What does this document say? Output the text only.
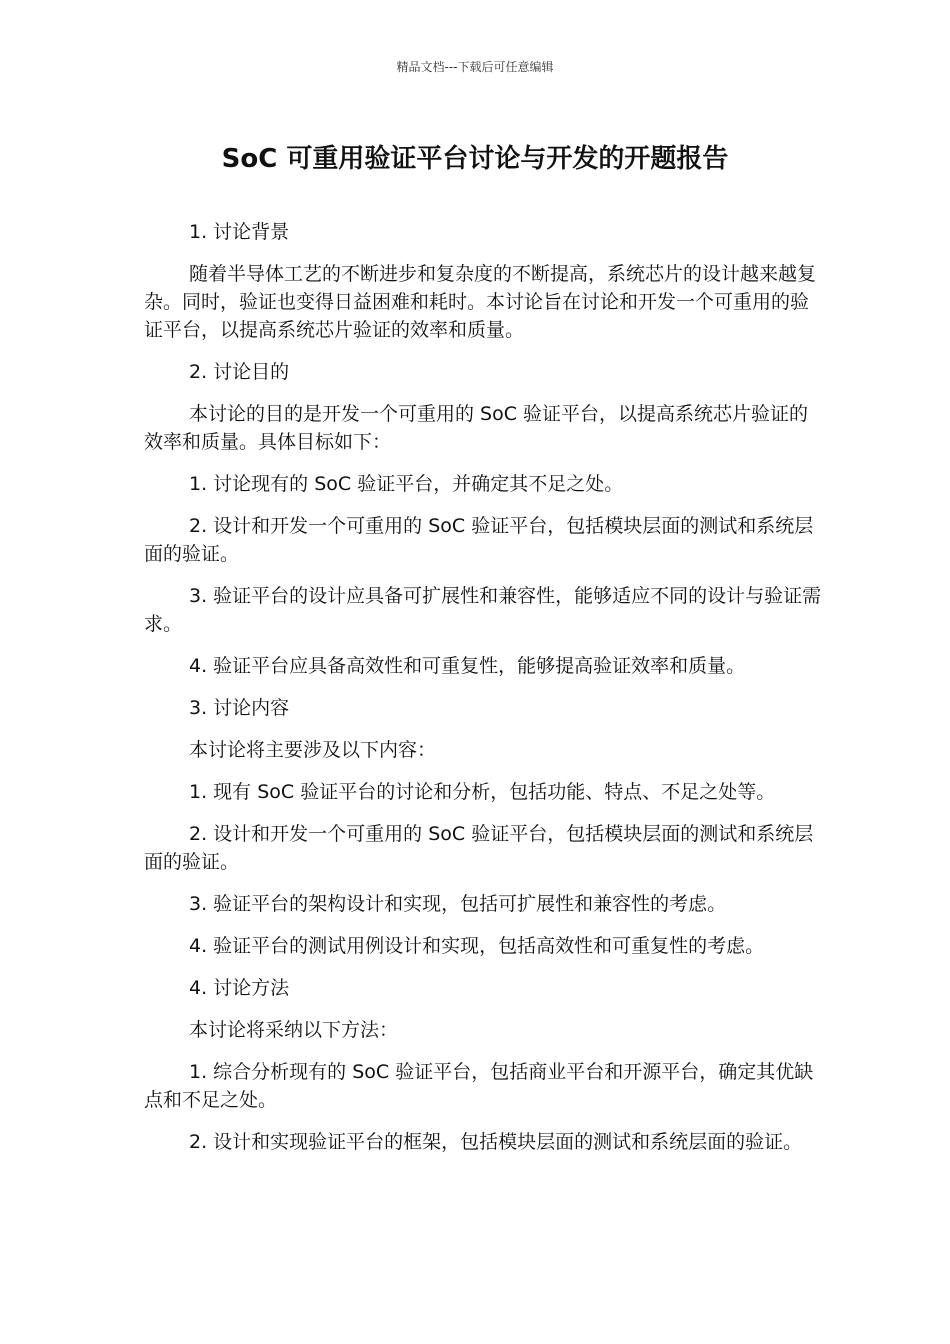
精品文档---下载后可任意编辑
SoC 可重用验证平台讨论与开发的开题报告

1. 讨论背景

随着半导体工艺的不断进步和复杂度的不断提高，系统芯片的设计越来越复杂。同时，验证也变得日益困难和耗时。本讨论旨在讨论和开发一个可重用的验证平台，以提高系统芯片验证的效率和质量。

2. 讨论目的

本讨论的目的是开发一个可重用的 SoC 验证平台，以提高系统芯片验证的效率和质量。具体目标如下：

1. 讨论现有的 SoC 验证平台，并确定其不足之处。

2. 设计和开发一个可重用的 SoC 验证平台，包括模块层面的测试和系统层面的验证。

3. 验证平台的设计应具备可扩展性和兼容性，能够适应不同的设计与验证需求。

4. 验证平台应具备高效性和可重复性，能够提高验证效率和质量。

3. 讨论内容

本讨论将主要涉及以下内容：

1. 现有 SoC 验证平台的讨论和分析，包括功能、特点、不足之处等。

2. 设计和开发一个可重用的 SoC 验证平台，包括模块层面的测试和系统层面的验证。

3. 验证平台的架构设计和实现，包括可扩展性和兼容性的考虑。

4. 验证平台的测试用例设计和实现，包括高效性和可重复性的考虑。

4. 讨论方法

本讨论将采纳以下方法：

1. 综合分析现有的 SoC 验证平台，包括商业平台和开源平台，确定其优缺点和不足之处。

2. 设计和实现验证平台的框架，包括模块层面的测试和系统层面的验证。
